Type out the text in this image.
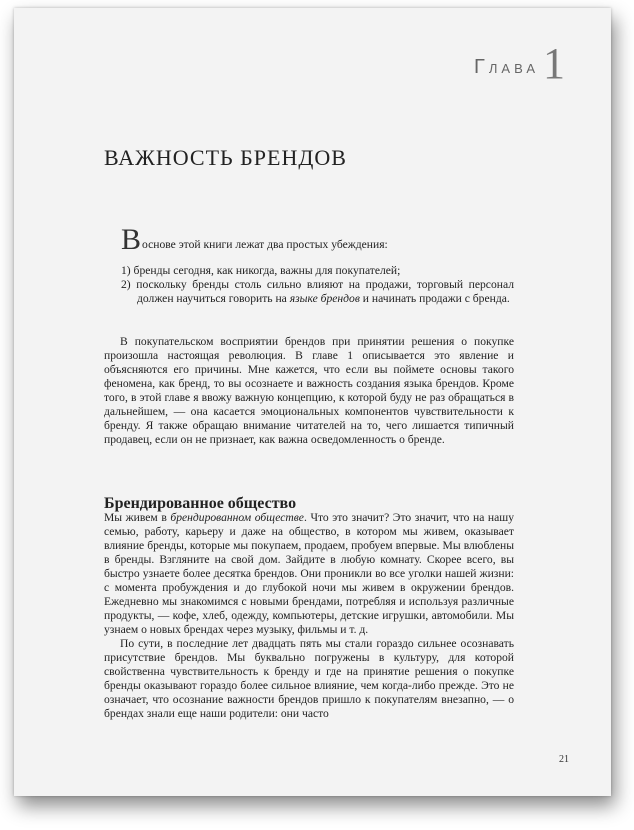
ГЛАВА 1
ВАЖНОСТЬ БРЕНДОВ
В основе этой книги лежат два простых убеждения:
1) бренды сегодня, как никогда, важны для покупателей;
2) поскольку бренды столь сильно влияют на продажи, торговый персонал должен научиться говорить на языке брендов и начинать продажи с бренда.

В покупательском восприятии брендов при принятии решения о покупке произошла настоящая революция. В главе 1 описывается это явление и объясняются его причины. Мне кажется, что если вы поймете основы такого феномена, как бренд, то вы осознаете и важность создания языка брендов. Кроме того, в этой главе я ввожу важную концепцию, к которой буду не раз обращаться в дальнейшем, — она касается эмоциональных компонентов чувствительности к бренду. Я также обращаю внимание читателей на то, чего лишается типичный продавец, если он не признает, как важна осведомленность о бренде.

Брендированное общество

Мы живем в брендированном обществе. Что это значит? Это значит, что на нашу семью, работу, карьеру и даже на общество, в котором мы живем, оказывает влияние бренды, которые мы покупаем, продаем, пробуем впервые. Мы влюблены в бренды. Взгляните на свой дом. Зайдите в любую комнату. Скорее всего, вы быстро узнаете более десятка брендов. Они проникли во все уголки нашей жизни: с момента пробуждения и до глубокой ночи мы живем в окружении брендов. Ежедневно мы знакомимся с новыми брендами, потребляя и используя различные продукты, — кофе, хлеб, одежду, компьютеры, детские игрушки, автомобили. Мы узнаем о новых брендах через музыку, фильмы и т. д.

По сути, в последние лет двадцать пять мы стали гораздо сильнее осознавать присутствие брендов. Мы буквально погружены в культуру, для которой свойственна чувствительность к бренду и где на принятие решения о покупке бренды оказывают гораздо более сильное влияние, чем когда-либо прежде. Это не означает, что осознание важности брендов пришло к покупателям внезапно, — о брендах знали еще наши родители: они часто

21
